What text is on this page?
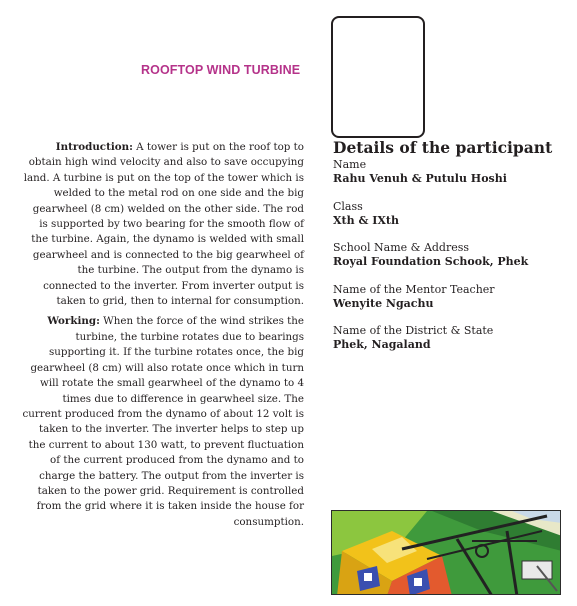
ROOFTOP WIND TURBINE

Introduction: A tower is put on the roof top to obtain high wind velocity and also to save occupying land. A turbine is put on the top of the tower which is welded to the metal rod on one side and the big gearwheel (8 cm) welded on the other side. The rod is supported by two bearing for the smooth flow of the turbine. Again, the dynamo is welded with small gearwheel and is connected to the big gearwheel of the turbine. The output from the dynamo is connected to the inverter. From inverter output is taken to grid, then to internal for consumption.

Working: When the force of the wind strikes the turbine, the turbine rotates due to bearings supporting it. If the turbine rotates once, the big gearwheel (8 cm) will also rotate once which in turn will rotate the small gearwheel of the dynamo to 4 times due to difference in gearwheel size. The current produced from the dynamo of about 12 volt is taken to the inverter. The inverter helps to step up the current to about 130 watt, to prevent fluctuation of the current produced from the dynamo and to charge the battery. The output from the inverter is taken to the power grid. Requirement is controlled from the grid where it is taken inside the house for consumption.

Details of the participant
Name
Rahu Venuh & Putulu Hoshi
Class
Xth & IXth
School Name & Address
Royal Foundation Schook, Phek
Name of the Mentor Teacher
Wenyite Ngachu
Name of the District & State
Phek, Nagaland
